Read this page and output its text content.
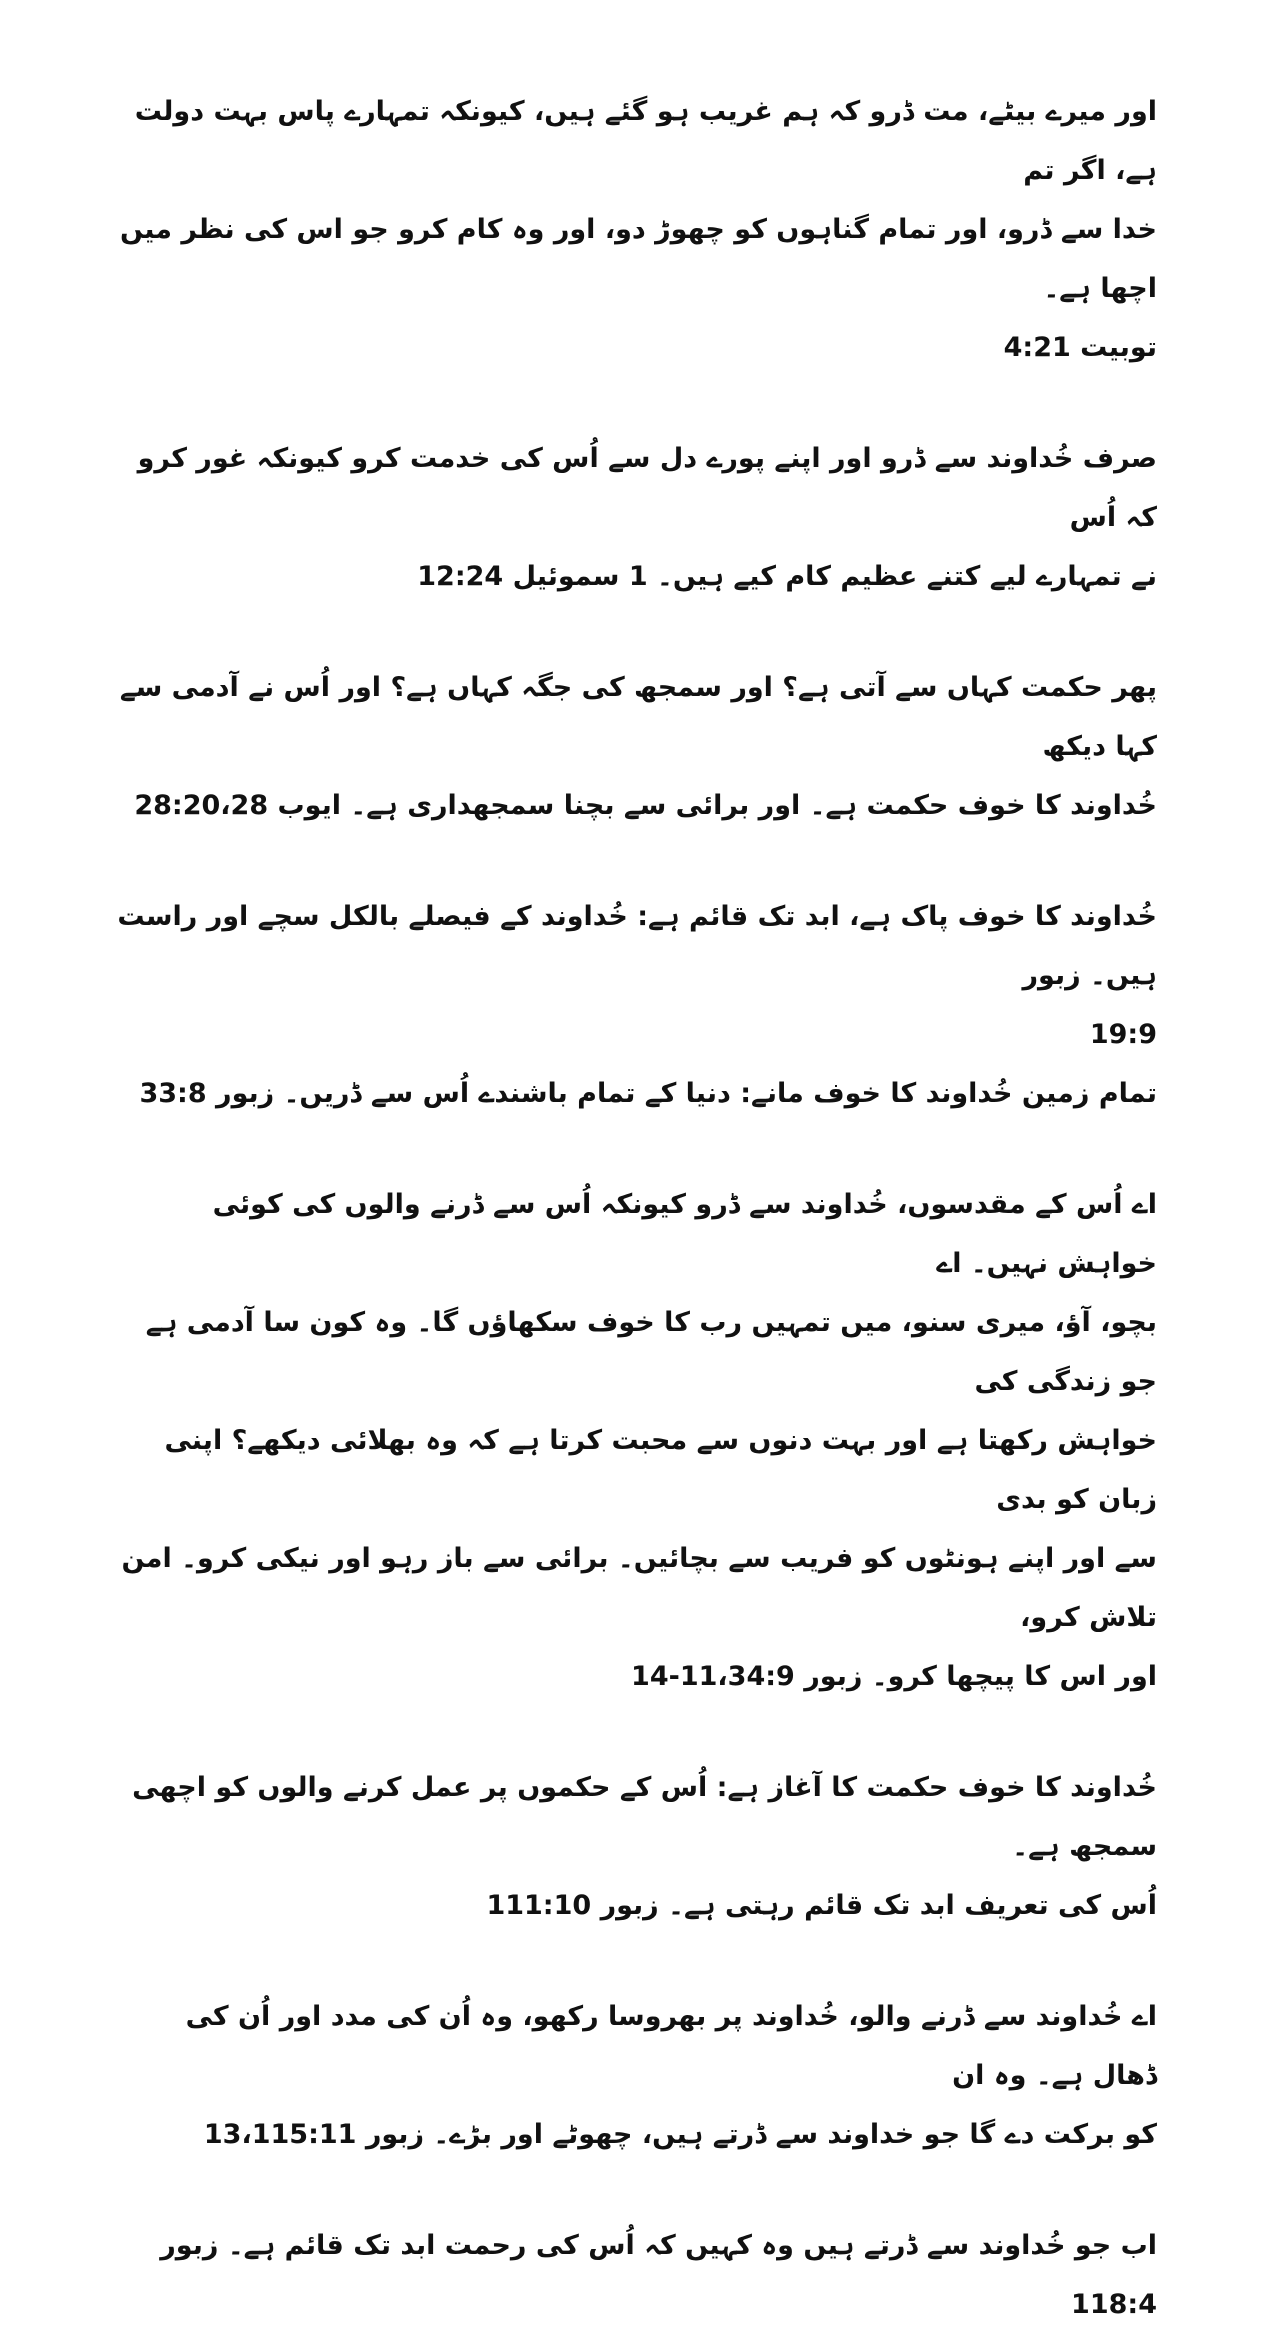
اور میرے بیٹے، مت ڈرو کہ ہم غریب ہو گئے ہیں، کیونکہ تمہارے پاس بہت دولت ہے، اگر تم
خدا سے ڈرو، اور تمام گناہوں کو چھوڑ دو، اور وہ کام کرو جو اس کی نظر میں اچھا ہے۔
توبیت 4:21

صرف خُداوند سے ڈرو اور اپنے پورے دل سے اُس کی خدمت کرو کیونکہ غور کرو کہ اُس
نے تمہارے لیے کتنے عظیم کام کیے ہیں۔ 1 سموئیل 12:24

پھر حکمت کہاں سے آتی ہے؟ اور سمجھ کی جگہ کہاں ہے؟ اور اُس نے آدمی سے کہا دیکھ
خُداوند کا خوف حکمت ہے۔ اور برائی سے بچنا سمجھداری ہے۔ ایوب 28:20،28

خُداوند کا خوف پاک ہے، ابد تک قائم ہے: خُداوند کے فیصلے بالکل سچے اور راست ہیں۔ زبور
19:9

تمام زمین خُداوند کا خوف مانے: دنیا کے تمام باشندے اُس سے ڈریں۔ زبور 33:8

اے اُس کے مقدسوں، خُداوند سے ڈرو کیونکہ اُس سے ڈرنے والوں کی کوئی خواہش نہیں۔ اے
بچو، آؤ، میری سنو، میں تمہیں رب کا خوف سکھاؤں گا۔ وہ کون سا آدمی ہے جو زندگی کی
خواہش رکھتا ہے اور بہت دنوں سے محبت کرتا ہے کہ وہ بھلائی دیکھے؟ اپنی زبان کو بدی
سے اور اپنے ہونٹوں کو فریب سے بچائیں۔ برائی سے باز رہو اور نیکی کرو۔ امن تلاش کرو،
اور اس کا پیچھا کرو۔ زبور 11،34:9-14

خُداوند کا خوف حکمت کا آغاز ہے: اُس کے حکموں پر عمل کرنے والوں کو اچھی سمجھ ہے۔
اُس کی تعریف ابد تک قائم رہتی ہے۔ زبور 111:10

اے خُداوند سے ڈرنے والو، خُداوند پر بھروسا رکھو، وہ اُن کی مدد اور اُن کی ڈھال ہے۔ وہ ان
کو برکت دے گا جو خداوند سے ڈرتے ہیں، چھوٹے اور بڑے۔ زبور 13،115:11

اب جو خُداوند سے ڈرتے ہیں وہ کہیں کہ اُس کی رحمت ابد تک قائم ہے۔ زبور 118:4
